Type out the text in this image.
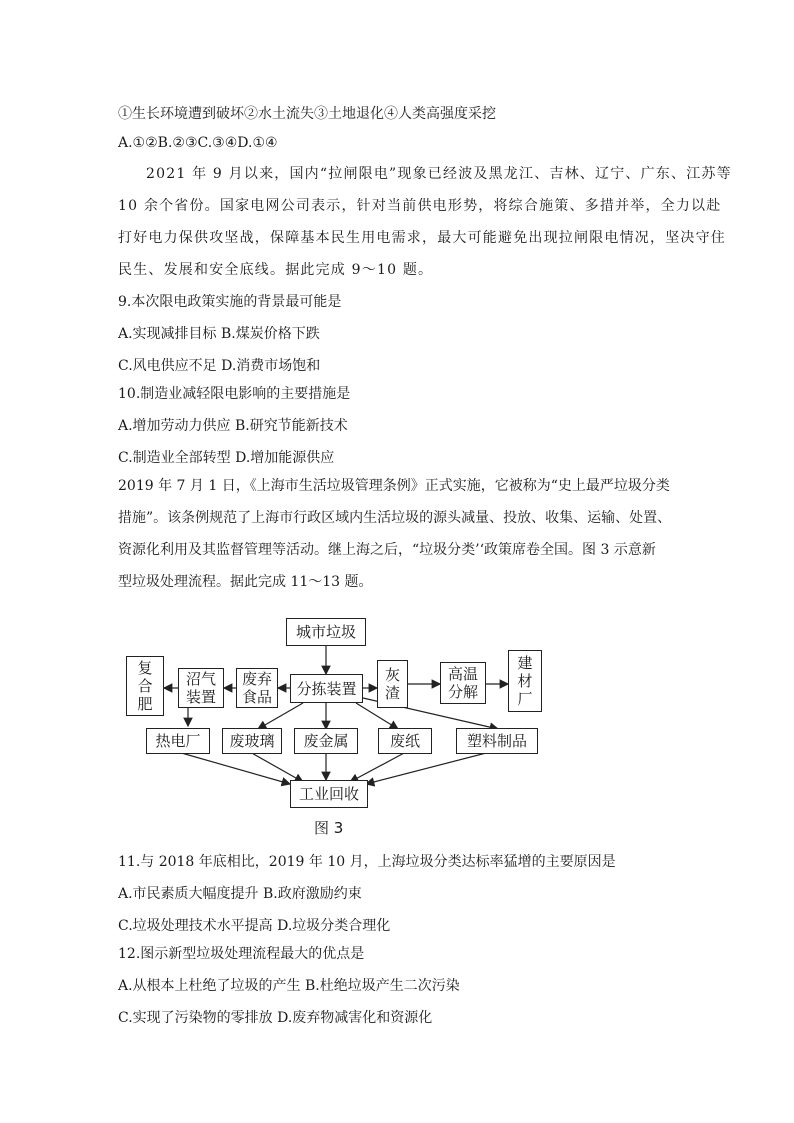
①生长环境遭到破坏②水土流失③土地退化④人类高强度采挖
A.①②B.②③C.③④D.①④
2021 年 9 月以来，国内“拉闸限电”现象已经波及黑龙江、吉林、辽宁、广东、江苏等
10 余个省份。国家电网公司表示，针对当前供电形势，将综合施策、多措并举，全力以赴
打好电力保供攻坚战，保障基本民生用电需求，最大可能避免出现拉闸限电情况，坚决守住
民生、发展和安全底线。据此完成 9～10 题。
9.本次限电政策实施的背景最可能是
A.实现减排目标 B.煤炭价格下跌
C.风电供应不足 D.消费市场饱和
10.制造业减轻限电影响的主要措施是
A.增加劳动力供应 B.研究节能新技术
C.制造业全部转型 D.增加能源供应
2019 年 7 月 1 日，《上海市生活垃圾管理条例》正式实施，它被称为“史上最严垃圾分类
措施”。该条例规范了上海市行政区域内生活垃圾的源头减量、投放、收集、运输、处置、
资源化利用及其监督管理等活动。继上海之后，“垃圾分类’‘政策席卷全国。图 3 示意新
型垃圾处理流程。据此完成 11～13 题。
城市垃圾
复
合
肥
沼气
装置
废弃
食品 分拣装置
灰
渣
高温
分解
建
材
厂
热电厂 废玻璃 废金属	废纸	塑料制品
工业回收
图 3
11.与 2018 年底相比，2019 年 10 月，上海垃圾分类达标率猛增的主要原因是
A.市民素质大幅度提升 B.政府激励约束
C.垃圾处理技术水平提高 D.垃圾分类合理化
12.图示新型垃圾处理流程最大的优点是
A.从根本上杜绝了垃圾的产生 B.杜绝垃圾产生二次污染
C.实现了污染物的零排放 D.废弃物减害化和资源化
